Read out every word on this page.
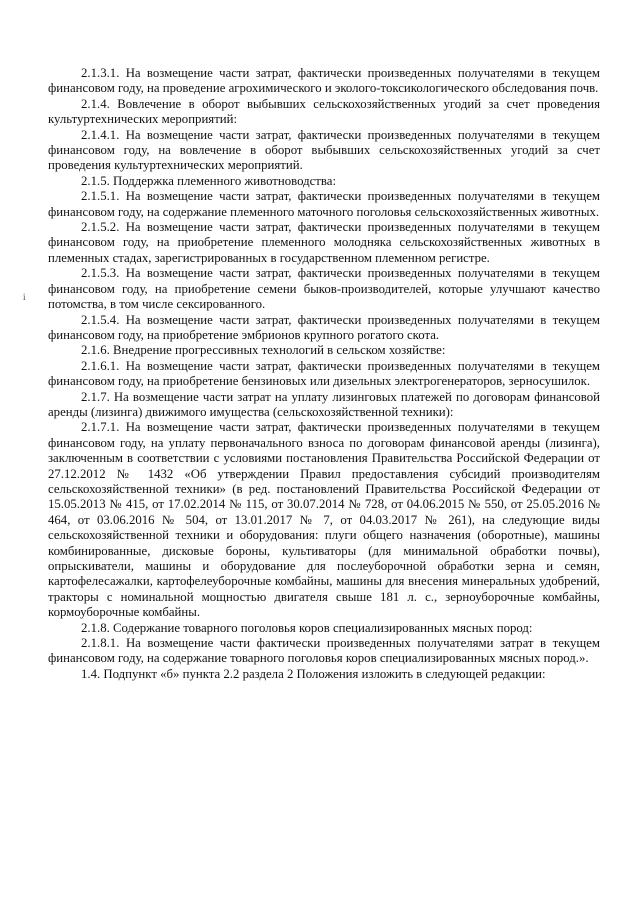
2.1.3.1. На возмещение части затрат, фактически произведенных получателями в текущем финансовом году, на проведение агрохимического и эколого-токсикологического обследования почв.

2.1.4. Вовлечение в оборот выбывших сельскохозяйственных угодий за счет проведения культуртехнических мероприятий:

2.1.4.1. На возмещение части затрат, фактически произведенных получателями в текущем финансовом году, на вовлечение в оборот выбывших сельскохозяйственных угодий за счет проведения культуртехнических мероприятий.

2.1.5. Поддержка племенного животноводства:

2.1.5.1. На возмещение части затрат, фактически произведенных получателями в текущем финансовом году, на содержание племенного маточного поголовья сельскохозяйственных животных.

2.1.5.2. На возмещение части затрат, фактически произведенных получателями в текущем финансовом году, на приобретение племенного молодняка сельскохозяйственных животных в племенных стадах, зарегистрированных в государственном племенном регистре.

2.1.5.3. На возмещение части затрат, фактически произведенных получателями в текущем финансовом году, на приобретение семени быков-производителей, которые улучшают качество потомства, в том числе сексированного.

2.1.5.4. На возмещение части затрат, фактически произведенных получателями в текущем финансовом году, на приобретение эмбрионов крупного рогатого скота.

2.1.6. Внедрение прогрессивных технологий в сельском хозяйстве:

2.1.6.1. На возмещение части затрат, фактически произведенных получателями в текущем финансовом году, на приобретение бензиновых или дизельных электрогенераторов, зерносушилок.

2.1.7. На возмещение части затрат на уплату лизинговых платежей по договорам финансовой аренды (лизинга) движимого имущества (сельскохозяйственной техники):

2.1.7.1. На возмещение части затрат, фактически произведенных получателями в текущем финансовом году, на уплату первоначального взноса по договорам финансовой аренды (лизинга), заключенным в соответствии с условиями постановления Правительства Российской Федерации от 27.12.2012 № 1432 «Об утверждении Правил предоставления субсидий производителям сельскохозяйственной техники» (в ред. постановлений Правительства Российской Федерации от 15.05.2013 № 415, от 17.02.2014 № 115, от 30.07.2014 № 728, от 04.06.2015 № 550, от 25.05.2016 № 464, от 03.06.2016 № 504, от 13.01.2017 № 7, от 04.03.2017 № 261), на следующие виды сельскохозяйственной техники и оборудования: плуги общего назначения (оборотные), машины комбинированные, дисковые бороны, культиваторы (для минимальной обработки почвы), опрыскиватели, машины и оборудование для послеуборочной обработки зерна и семян, картофелесажалки, картофелеуборочные комбайны, машины для внесения минеральных удобрений, тракторы с номинальной мощностью двигателя свыше 181 л. с., зерноуборочные комбайны, кормоуборочные комбайны.

2.1.8. Содержание товарного поголовья коров специализированных мясных пород:

2.1.8.1. На возмещение части фактически произведенных получателями затрат в текущем финансовом году, на содержание товарного поголовья коров специализированных мясных пород.».

1.4. Подпункт «б» пункта 2.2 раздела 2 Положения изложить в следующей редакции:

i
